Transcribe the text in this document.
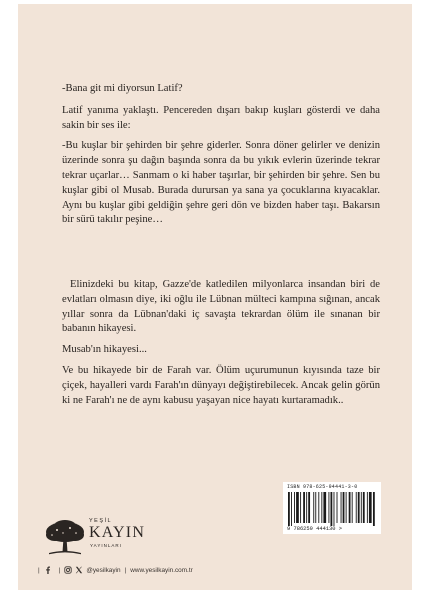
-Bana git mi diyorsun Latif?

Latif yanıma yaklaştı. Pencereden dışarı bakıp kuşları gösterdi ve daha sakin bir ses ile:

-Bu kuşlar bir şehirden bir şehre giderler. Sonra döner gelirler ve denizin üzerinde sonra şu dağın başında sonra da bu yıkık evlerin üzerinde tekrar tekrar uçarlar… Sanmam o ki haber taşırlar, bir şehirden bir şehre. Sen bu kuşlar gibi ol Musab. Burada durursan ya sana ya çocuklarına kıyacaklar. Aynı bu kuşlar gibi geldiğin şehre geri dön ve bizden haber taşı. Bakarsın bir sürü takılır peşine…

Elinizdeki bu kitap, Gazze'de katledilen milyonlarca insandan biri de evlatları olmasın diye, iki oğlu ile Lübnan mülteci kampına sığınan, ancak yıllar sonra da Lübnan'daki iç savaşta tekrardan ölüm ile sınanan bir babanın hikayesi.

Musab'ın hikayesi...

Ve bu hikayede bir de Farah var. Ölüm uçurumunun kıyısında taze bir çiçek, hayalleri vardı Farah'ın dünyayı değiştirebilecek. Ancak gelin görün ki ne Farah'ı ne de aynı kabusu yaşayan nice hayatı kurtaramadık..

ISBN 978-625-94441-3-0
9 786259 444130 >
YEŞİL
KAYIN
YAYINLARI
|	|	@yesilkayin | www.yesilkayin.com.tr
